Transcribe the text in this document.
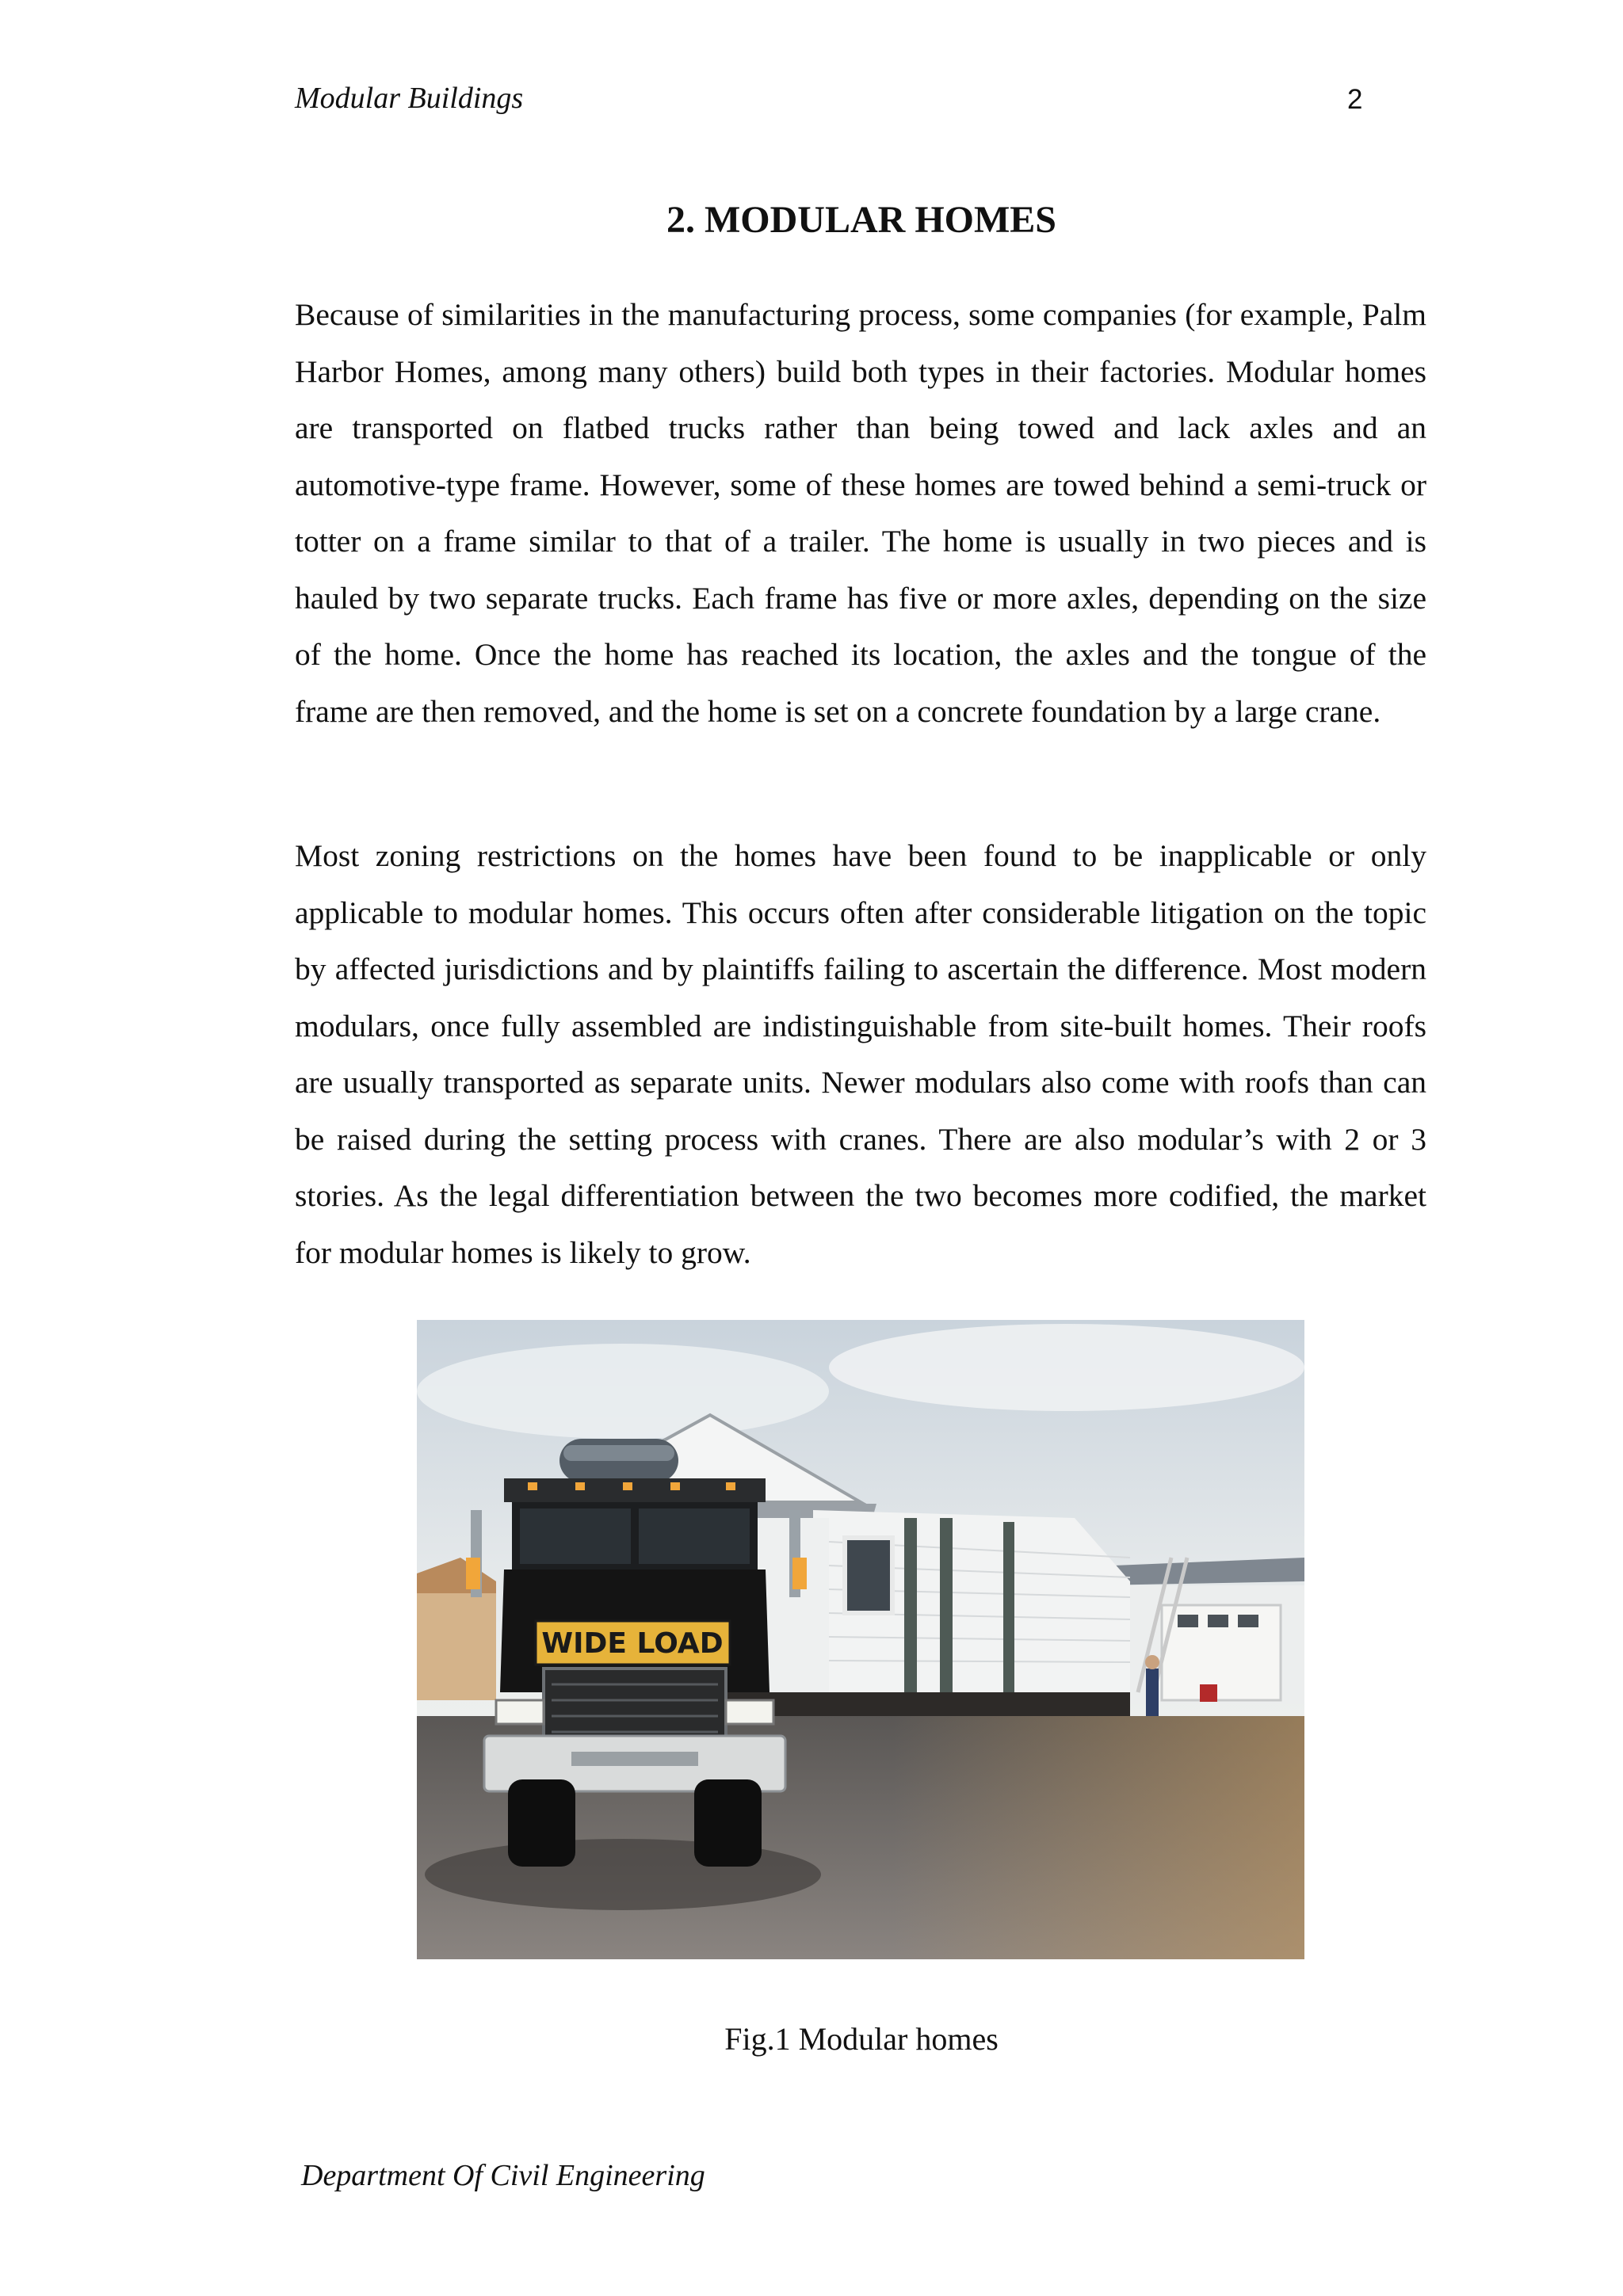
Modular Buildings	2
2. MODULAR HOMES

Because of similarities in the manufacturing process, some companies (for example, Palm Harbor Homes, among many others) build both types in their factories. Modular homes are transported on flatbed trucks rather than being towed and lack axles and an automotive-type frame. However, some of these homes are towed behind a semi-truck or totter on a frame similar to that of a trailer. The home is usually in two pieces and is hauled by two separate trucks. Each frame has five or more axles, depending on the size of the home. Once the home has reached its location, the axles and the tongue of the frame are then removed, and the home is set on a concrete foundation by a large crane.

Most zoning restrictions on the homes have been found to be inapplicable or only applicable to modular homes. This occurs often after considerable litigation on the topic by affected jurisdictions and by plaintiffs failing to ascertain the difference. Most modern modulars, once fully assembled are indistinguishable from site-built homes. Their roofs are usually transported as separate units. Newer modulars also come with roofs than can be raised during the setting process with cranes. There are also modular’s with 2 or 3 stories. As the legal differentiation between the two becomes more codified, the market for modular homes is likely to grow.

WIDE LOAD
Fig.1 Modular homes
Department Of Civil Engineering
